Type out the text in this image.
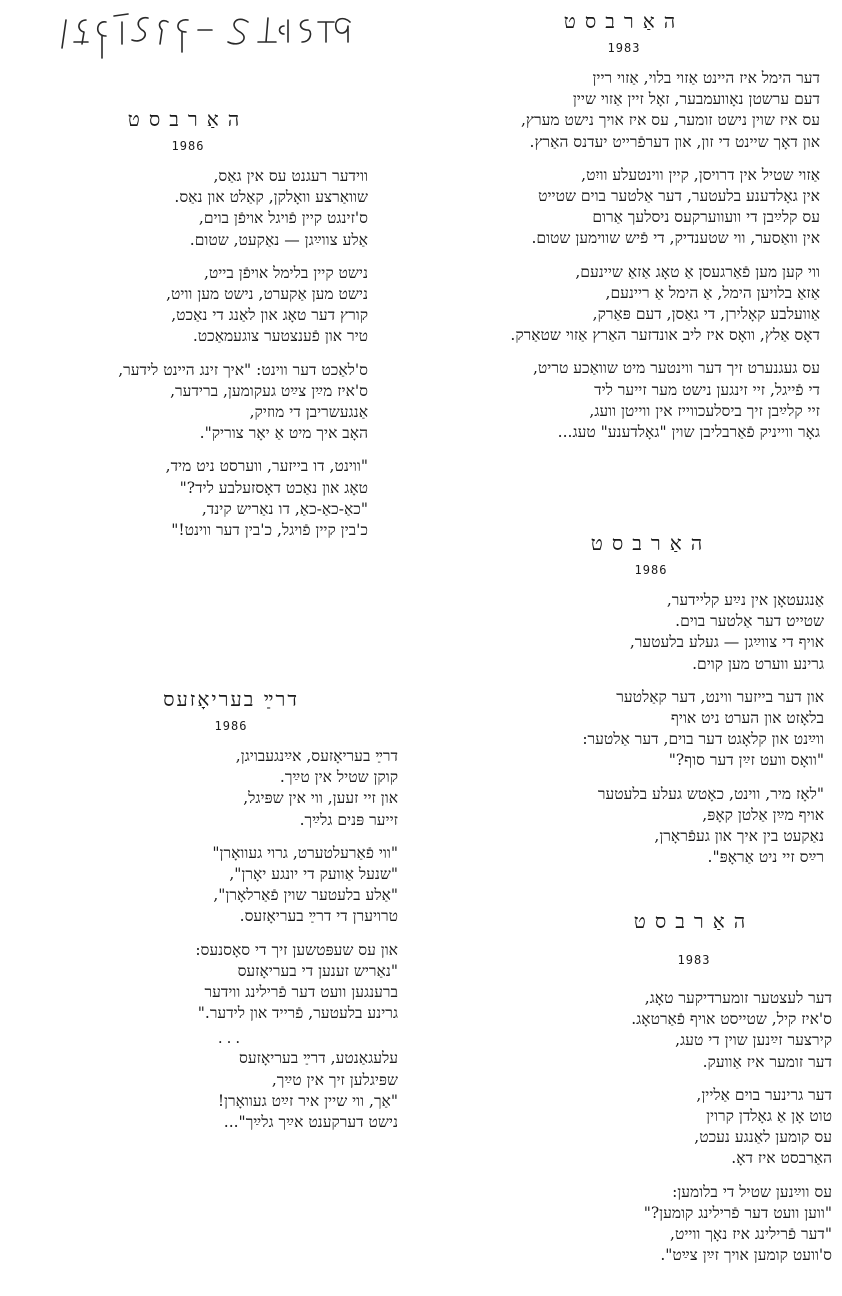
האַרבסט
1983
דער הימל איז היינט אַזוי בלוי, אַזוי ריין
דעם ערשטן נאָוועמבער, זאָל זיין אַזוי שיין
עס איז שוין נישט זומער, עס איז אויך נישט מערץ,
און דאָך שיינט די זון, און דערפֿרייט יעדנס האַרץ.
אַזוי שטיל אין דרויסן, קיין ווינטעלע וויִט,
אין גאָלדענע בלעטער, דער אַלטער בוים שטייט
עס קלײַבן די וועווערקעס ניסלעך אַרום
אין וואַסער, ווי שטענדיק, די פֿיש שווימען שטום.
ווי קען מען פֿאַרגעסן אַ טאָג אַזאַ שיינעם,
אַזאַ בלויען הימל, אַ הימל אַ ריינעם,
אַוועלבע קאָלירן, די גאַסן, דעם פּאַרק,
דאָס אַלץ, וואָס איז ליב אונדזער האַרץ אַזוי שטאַרק.
עס געגנערט זיך דער ווינטער מיט שוואַכע טריט,
די פֿייגל, זיי זינגען נישט מער זייער ליד
זיי קלײַבן זיך ביסלעכווייז אין ווייטן וועג,
גאָר ווייניק פֿאַרבליבן שוין "גאָלדענע" טעג...
האַרבסט
1986
ווידער רעגנט עס אין גאַס,
שוואַרצע וואָלקן, קאַלט און נאַס.
ס'זינגט קיין פֿויגל אויפֿן בוים,
אַלע צווײַגן — נאַקעט, שטום.
נישט קיין בלימל אויפֿן בייט,
נישט מען אַקערט, נישט מען וויט,
קורץ דער טאָג און לאַנג די נאַכט,
טיר און פֿענצטער צוגעמאַכט.
ס'לאַכט דער ווינט: "איך זינג היינט לידער,
ס'איז מײַן צײַט געקומען, ברידער,
אַנגעשריבן די מוזיק,
האָב איך מיט אַ יאָר צוריק".
"ווינט, דו בייזער, ווערסט ניט מיד,
טאָג און נאַכט דאָסזעלבע ליד?"
"כאַ-כאַ-כאַ, דו נאַריש קינד,
כ'בין קיין פֿויגל, כ'בין דער ווינט!"
האַרבסט
1986
אַנגעטאָן אין נײַע קליידער,
שטייט דער אַלטער בוים.
אויף די צווײַגן — געלע בלעטער,
גרינע ווערט מען קוים.
און דער בייזער ווינט, דער קאַלטער
בלאָזט און הערט ניט אויף
ווײַנט און קלאָגט דער בוים, דער אַלטער:
"וואָס וועט זײַן דער סוף?"
"לאָז מיר, ווינט, כאָטש געלע בלעטער
אויף מײַן אַלטן קאָפּ,
נאַקעט בין איך און געפֿראָרן,
רײַס זיי ניט אַראָפּ".
דרײַ בעריאָזעס
1986
דרײַ בעריאָזעס, אײַנגעבויגן,
קוקן שטיל אין טײַך.
און זיי זעען, ווי אין שפּיגל,
זייער פּנים גלײַך.
"ווי פֿאַרעלטערט, גרוי געוואָרן"
"שנעל אַוועק די יונגע יאָרן",
"אַלע בלעטער שוין פֿאַרלאָרן",
טרויערן די דרײַ בעריאָזעס.
און עס שעפּטשען זיך די סאָסנעס:
"נאַריש זענען די בעריאָזעס
ברענגען וועט דער פֿרילינג ווידער
גרינע בלעטער, פֿרייד און לידער."
...
עלעגאַנטע, דרײַ בעריאָזעס
שפּיגלען זיך אין טײַך,
"אַך, ווי שיין איר זײַט געוואָרן!
נישט דערקענט אײַך גלײַך"...
האַרבסט
1983
דער לעצטער זומערדיקער טאָג,
ס'איז קיל, שטייסט אויף פֿאַרטאָג.
קירצער זײַנען שוין די טעג,
דער זומער איז אַוועק.
דער גרינער בוים אַליין,
טוט אָן אַ גאָלדן קרוין
עס קומען לאַנגע נעכט,
האַרבסט איז דאָ.
עס ווײַנען שטיל די בלומען:
"ווען וועט דער פֿרילינג קומען?"
"דער פֿרילינג איז נאָך ווייט,
ס'וועט קומען אויך זײַן צײַט".
